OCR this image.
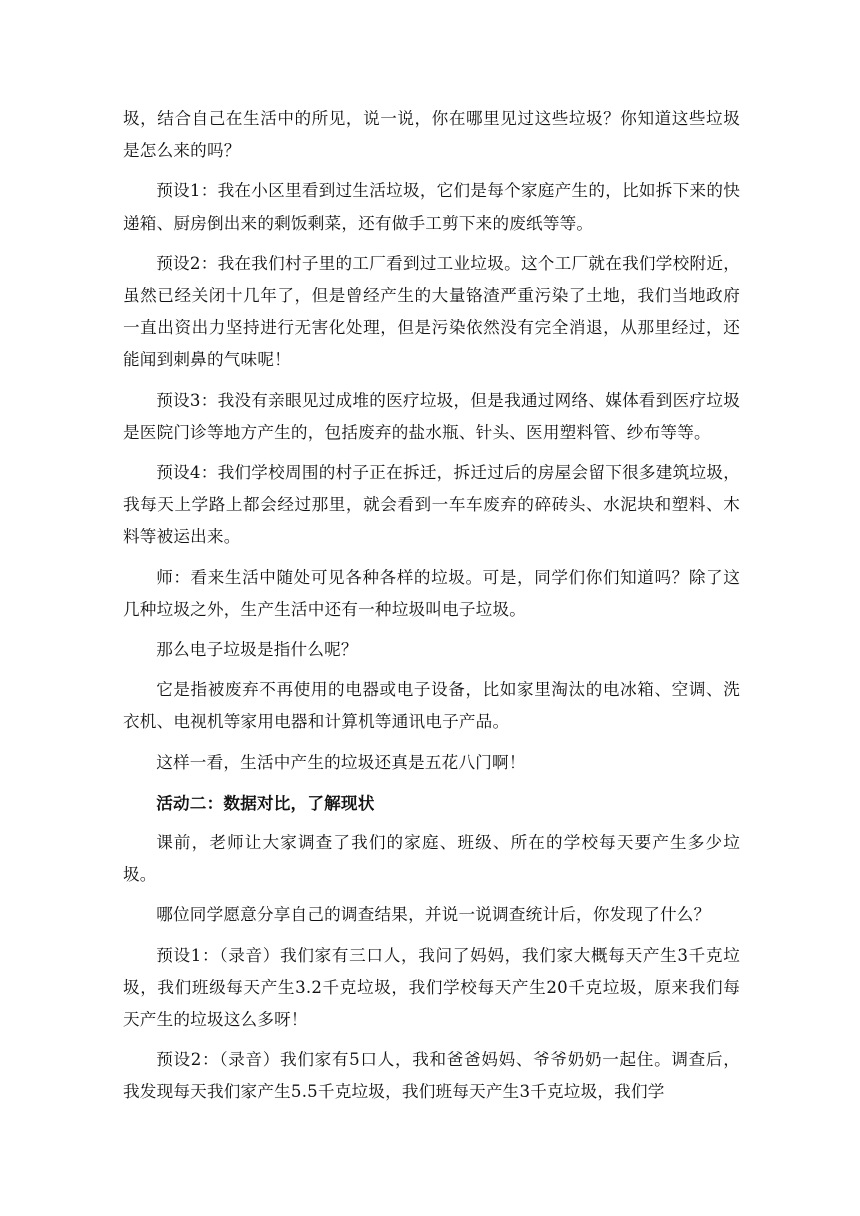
圾，结合自己在生活中的所见，说一说，你在哪里见过这些垃圾？你知道这些垃圾是怎么来的吗？

预设1：我在小区里看到过生活垃圾，它们是每个家庭产生的，比如拆下来的快递箱、厨房倒出来的剩饭剩菜，还有做手工剪下来的废纸等等。

预设2：我在我们村子里的工厂看到过工业垃圾。这个工厂就在我们学校附近，虽然已经关闭十几年了，但是曾经产生的大量铬渣严重污染了土地，我们当地政府一直出资出力坚持进行无害化处理，但是污染依然没有完全消退，从那里经过，还能闻到刺鼻的气味呢！

预设3：我没有亲眼见过成堆的医疗垃圾，但是我通过网络、媒体看到医疗垃圾是医院门诊等地方产生的，包括废弃的盐水瓶、针头、医用塑料管、纱布等等。

预设4：我们学校周围的村子正在拆迁，拆迁过后的房屋会留下很多建筑垃圾，我每天上学路上都会经过那里，就会看到一车车废弃的碎砖头、水泥块和塑料、木料等被运出来。

师：看来生活中随处可见各种各样的垃圾。可是，同学们你们知道吗？除了这几种垃圾之外，生产生活中还有一种垃圾叫电子垃圾。

那么电子垃圾是指什么呢？

它是指被废弃不再使用的电器或电子设备，比如家里淘汰的电冰箱、空调、洗衣机、电视机等家用电器和计算机等通讯电子产品。

这样一看，生活中产生的垃圾还真是五花八门啊！

活动二：数据对比，了解现状

课前，老师让大家调查了我们的家庭、班级、所在的学校每天要产生多少垃圾。

哪位同学愿意分享自己的调查结果，并说一说调查统计后，你发现了什么？

预设1：（录音）我们家有三口人，我问了妈妈，我们家大概每天产生3千克垃圾，我们班级每天产生3.2千克垃圾，我们学校每天产生20千克垃圾，原来我们每天产生的垃圾这么多呀！

预设2：（录音）我们家有5口人，我和爸爸妈妈、爷爷奶奶一起住。调查后，我发现每天我们家产生5.5千克垃圾，我们班每天产生3千克垃圾，我们学
